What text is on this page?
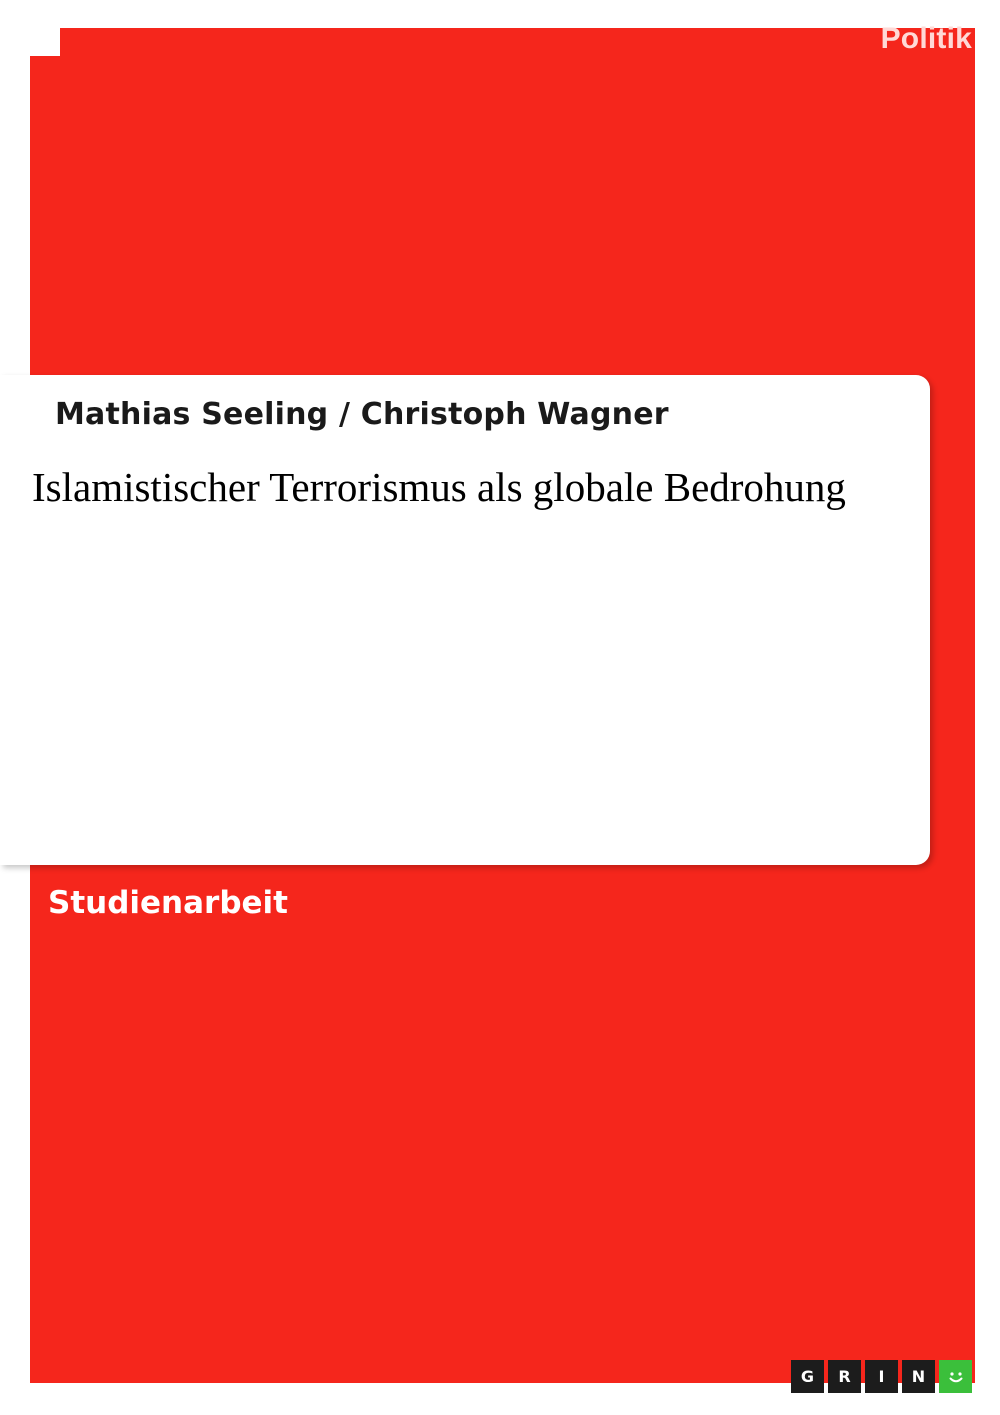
Politik
Mathias Seeling / Christoph Wagner
Islamistischer Terrorismus als globale Bedrohung
Studienarbeit
G	R	I	N
